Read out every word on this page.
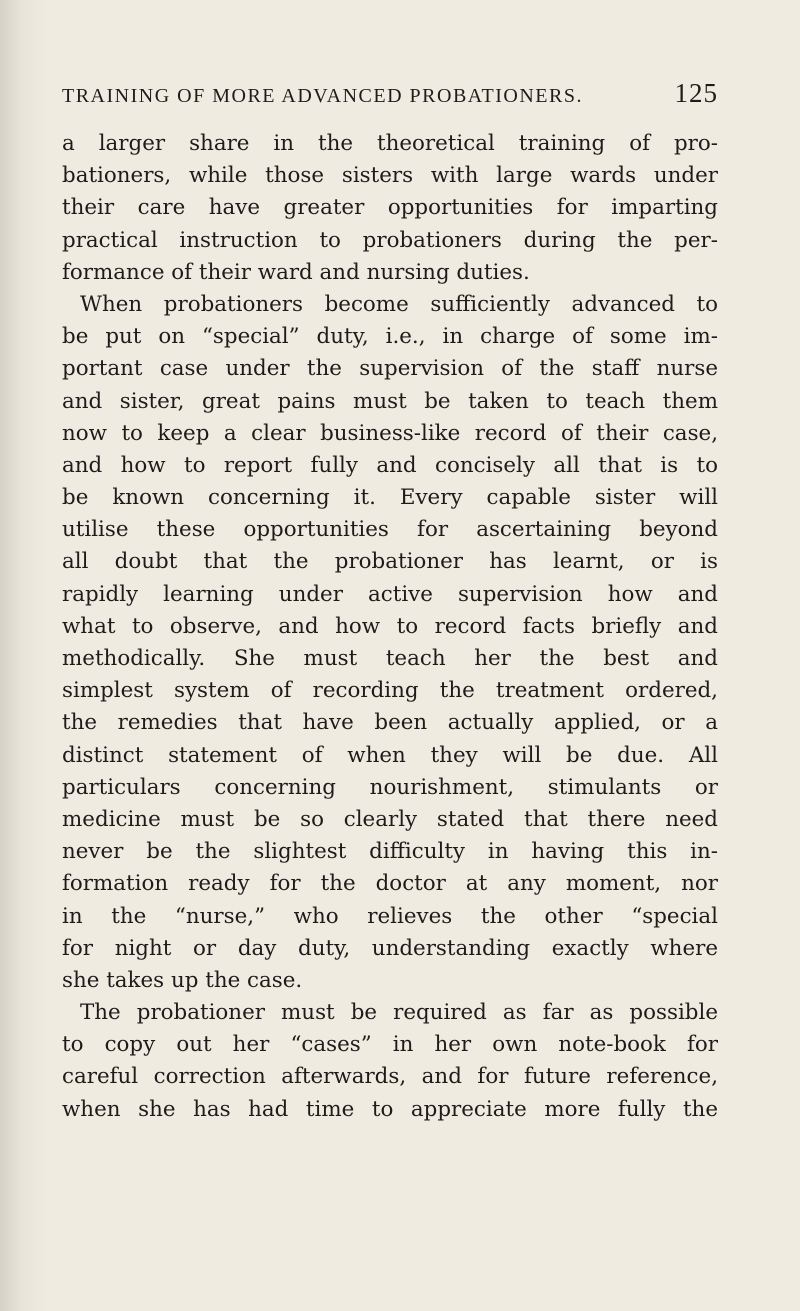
TRAINING OF MORE ADVANCED PROBATIONERS.	125
a larger share in the theoretical training of pro-
bationers, while those sisters with large wards under
their care have greater opportunities for imparting
practical instruction to probationers during the per-
formance of their ward and nursing duties.
When probationers become sufficiently advanced to
be put on “special” duty, i.e., in charge of some im-
portant case under the supervision of the staff nurse
and sister, great pains must be taken to teach them
now to keep a clear business-like record of their case,
and how to report fully and concisely all that is to
be known concerning it. Every capable sister will
utilise these opportunities for ascertaining beyond
all doubt that the probationer has learnt, or is
rapidly learning under active supervision how and
what to observe, and how to record facts briefly and
methodically. She must teach her the best and
simplest system of recording the treatment ordered,
the remedies that have been actually applied, or a
distinct statement of when they will be due. All
particulars concerning nourishment, stimulants or
medicine must be so clearly stated that there need
never be the slightest difficulty in having this in-
formation ready for the doctor at any moment, nor
in the “nurse,” who relieves the other “special
for night or day duty, understanding exactly where
she takes up the case.
The probationer must be required as far as possible
to copy out her “cases” in her own note-book for
careful correction afterwards, and for future reference,
when she has had time to appreciate more fully the
